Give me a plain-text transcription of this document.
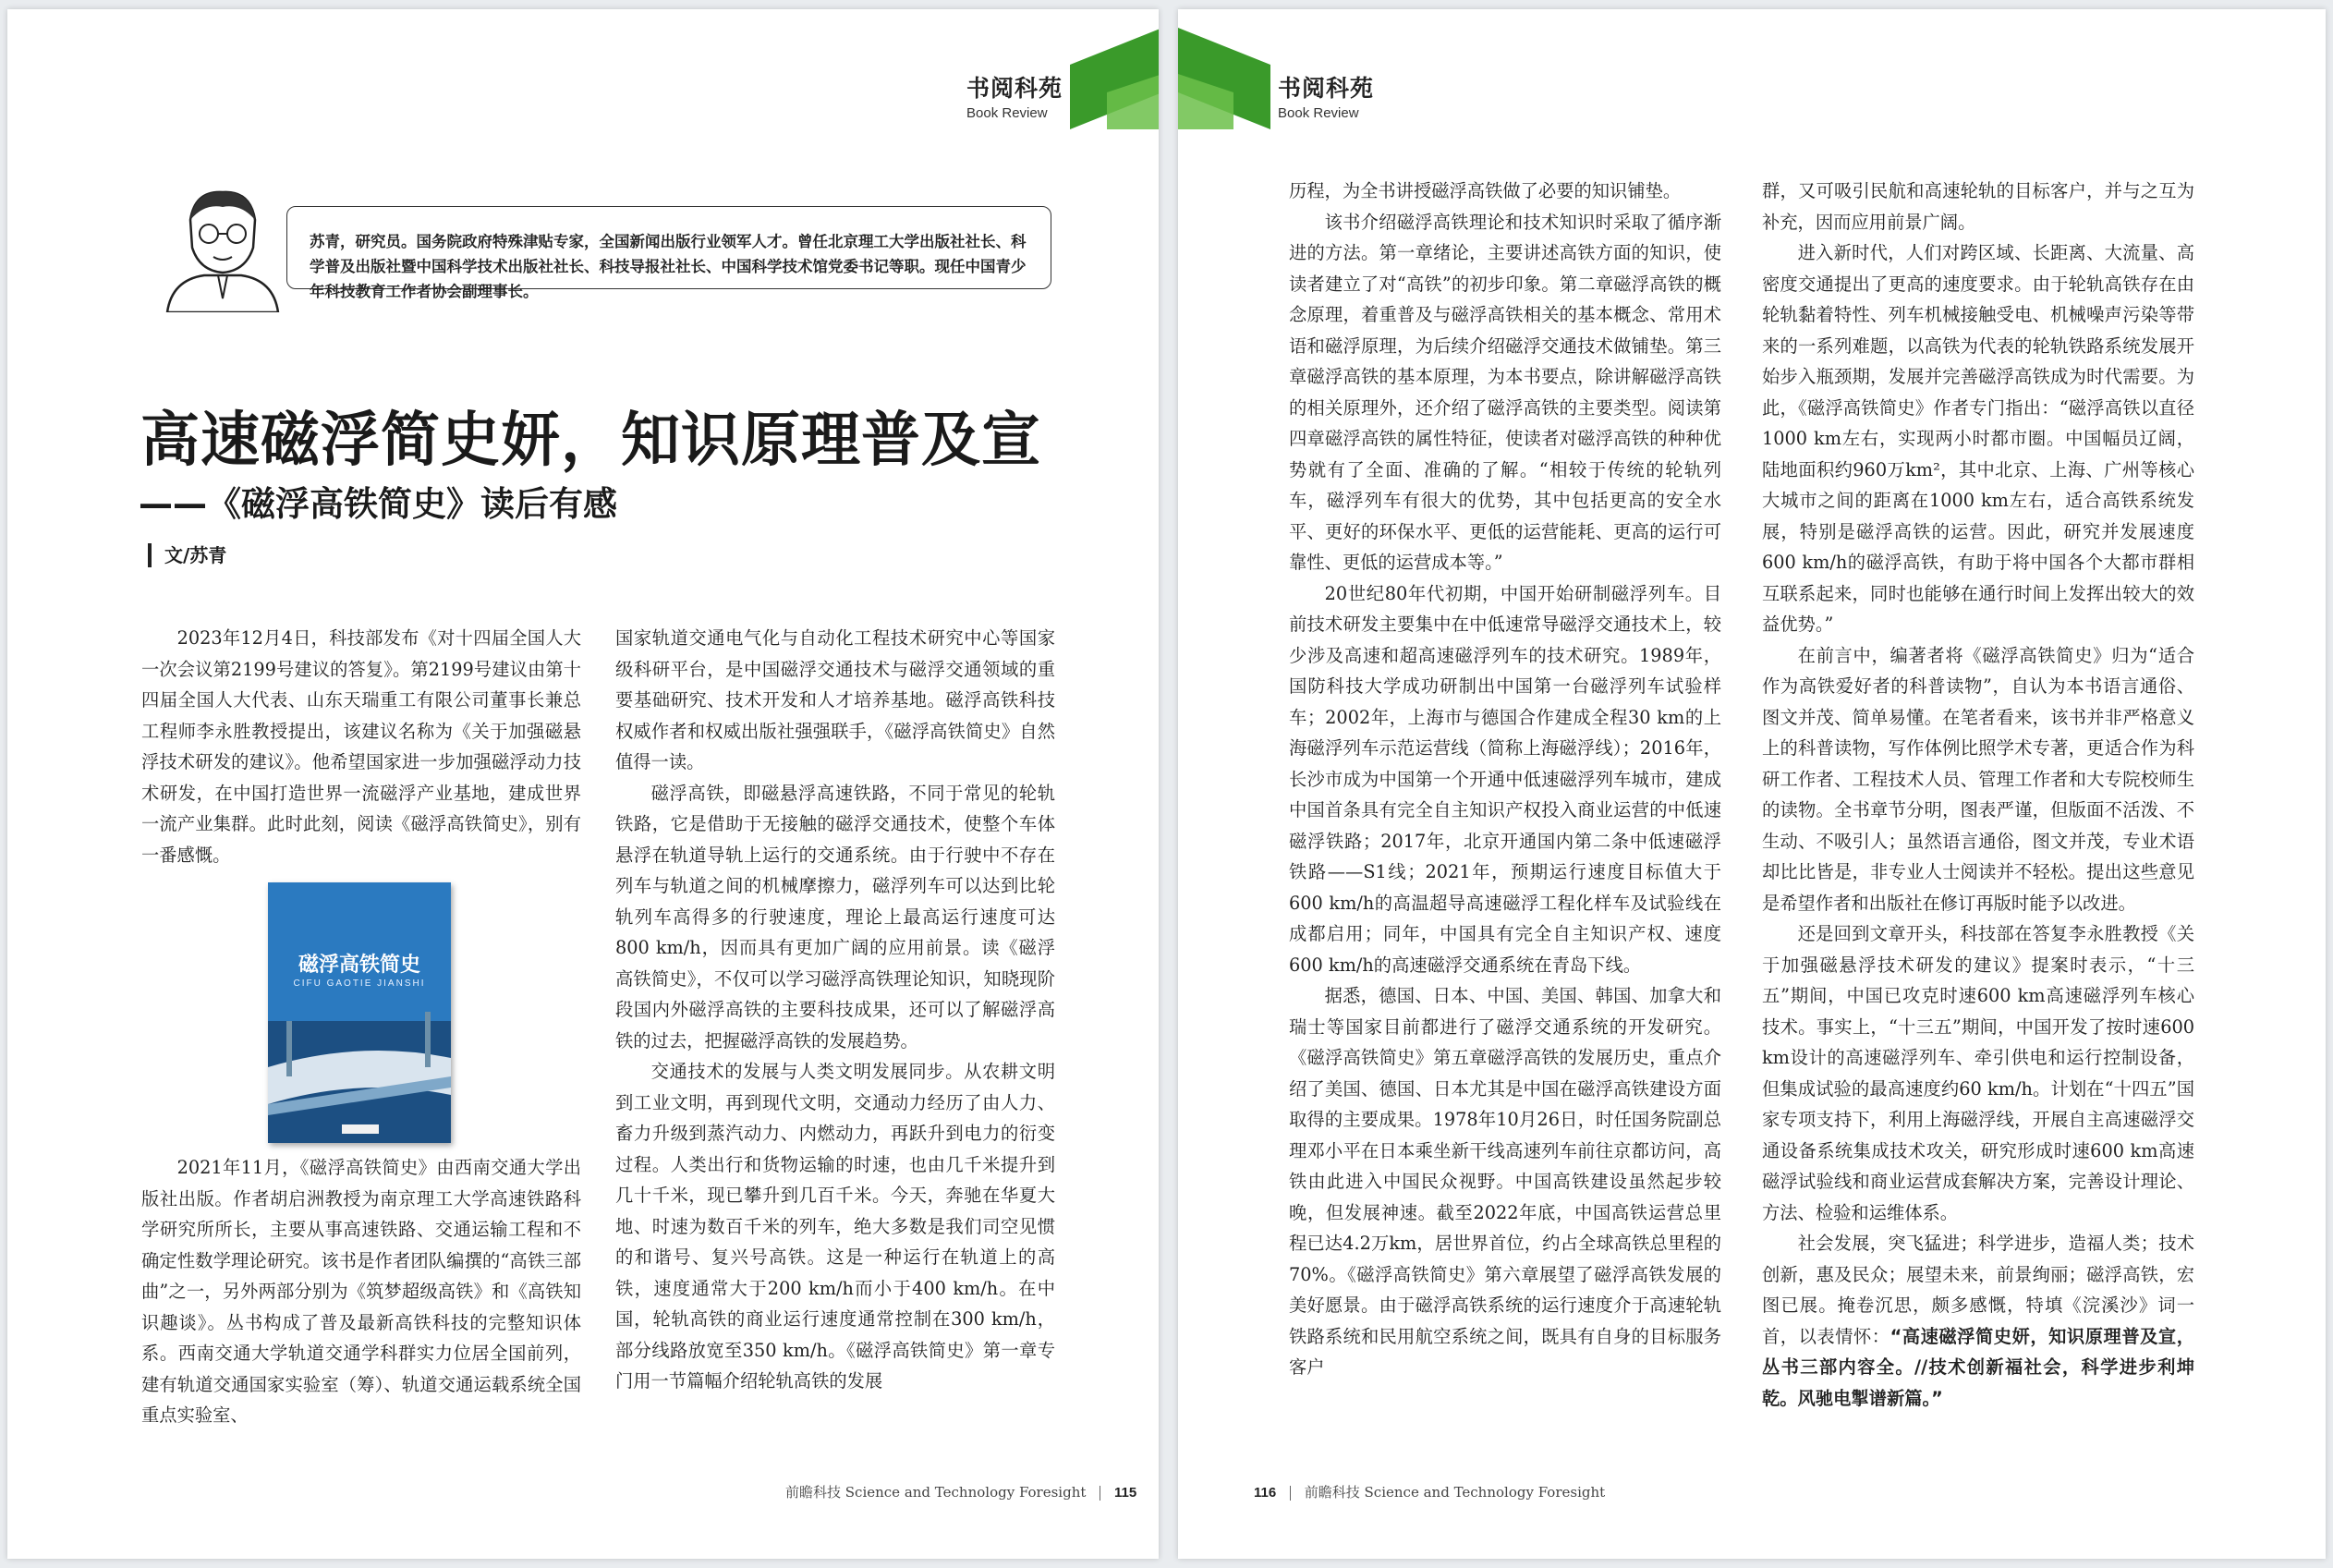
书阅科苑
Book Review
苏青，研究员。国务院政府特殊津贴专家，全国新闻出版行业领军人才。曾任北京理工大学出版社社长、科学普及出版社暨中国科学技术出版社社长、科技导报社社长、中国科学技术馆党委书记等职。现任中国青少年科技教育工作者协会副理事长。
高速磁浮简史妍，知识原理普及宣
——《磁浮高铁简史》读后有感
文/苏青

2023年12月4日，科技部发布《对十四届全国人大一次会议第2199号建议的答复》。第2199号建议由第十四届全国人大代表、山东天瑞重工有限公司董事长兼总工程师李永胜教授提出，该建议名称为《关于加强磁悬浮技术研发的建议》。他希望国家进一步加强磁浮动力技术研发，在中国打造世界一流磁浮产业基地，建成世界一流产业集群。此时此刻，阅读《磁浮高铁简史》，别有一番感慨。

磁浮高铁简史
CIFU GAOTIE JIANSHI

2021年11月，《磁浮高铁简史》由西南交通大学出版社出版。作者胡启洲教授为南京理工大学高速铁路科学研究所所长，主要从事高速铁路、交通运输工程和不确定性数学理论研究。该书是作者团队编撰的“高铁三部曲”之一，另外两部分别为《筑梦超级高铁》和《高铁知识趣谈》。丛书构成了普及最新高铁科技的完整知识体系。西南交通大学轨道交通学科群实力位居全国前列，建有轨道交通国家实验室（筹）、轨道交通运载系统全国重点实验室、

国家轨道交通电气化与自动化工程技术研究中心等国家级科研平台，是中国磁浮交通技术与磁浮交通领域的重要基础研究、技术开发和人才培养基地。磁浮高铁科技权威作者和权威出版社强强联手，《磁浮高铁简史》自然值得一读。

磁浮高铁，即磁悬浮高速铁路，不同于常见的轮轨铁路，它是借助于无接触的磁浮交通技术，使整个车体悬浮在轨道导轨上运行的交通系统。由于行驶中不存在列车与轨道之间的机械摩擦力，磁浮列车可以达到比轮轨列车高得多的行驶速度，理论上最高运行速度可达800 km/h，因而具有更加广阔的应用前景。读《磁浮高铁简史》，不仅可以学习磁浮高铁理论知识，知晓现阶段国内外磁浮高铁的主要科技成果，还可以了解磁浮高铁的过去，把握磁浮高铁的发展趋势。

交通技术的发展与人类文明发展同步。从农耕文明到工业文明，再到现代文明，交通动力经历了由人力、畜力升级到蒸汽动力、内燃动力，再跃升到电力的衍变过程。人类出行和货物运输的时速，也由几千米提升到几十千米，现已攀升到几百千米。今天，奔驰在华夏大地、时速为数百千米的列车，绝大多数是我们司空见惯的和谐号、复兴号高铁。这是一种运行在轨道上的高铁，速度通常大于200 km/h而小于400 km/h。在中国，轮轨高铁的商业运行速度通常控制在300 km/h，部分线路放宽至350 km/h。《磁浮高铁简史》第一章专门用一节篇幅介绍轮轨高铁的发展

前瞻科技 Science and Technology Foresight 115
书阅科苑
Book Review

历程，为全书讲授磁浮高铁做了必要的知识铺垫。

该书介绍磁浮高铁理论和技术知识时采取了循序渐进的方法。第一章绪论，主要讲述高铁方面的知识，使读者建立了对“高铁”的初步印象。第二章磁浮高铁的概念原理，着重普及与磁浮高铁相关的基本概念、常用术语和磁浮原理，为后续介绍磁浮交通技术做铺垫。第三章磁浮高铁的基本原理，为本书要点，除讲解磁浮高铁的相关原理外，还介绍了磁浮高铁的主要类型。阅读第四章磁浮高铁的属性特征，使读者对磁浮高铁的种种优势就有了全面、准确的了解。“相较于传统的轮轨列车，磁浮列车有很大的优势，其中包括更高的安全水平、更好的环保水平、更低的运营能耗、更高的运行可靠性、更低的运营成本等。”

20世纪80年代初期，中国开始研制磁浮列车。目前技术研发主要集中在中低速常导磁浮交通技术上，较少涉及高速和超高速磁浮列车的技术研究。1989年，国防科技大学成功研制出中国第一台磁浮列车试验样车；2002年，上海市与德国合作建成全程30 km的上海磁浮列车示范运营线（简称上海磁浮线）；2016年，长沙市成为中国第一个开通中低速磁浮列车城市，建成中国首条具有完全自主知识产权投入商业运营的中低速磁浮铁路；2017年，北京开通国内第二条中低速磁浮铁路——S1线；2021年，预期运行速度目标值大于600 km/h的高温超导高速磁浮工程化样车及试验线在成都启用；同年，中国具有完全自主知识产权、速度600 km/h的高速磁浮交通系统在青岛下线。

据悉，德国、日本、中国、美国、韩国、加拿大和瑞士等国家目前都进行了磁浮交通系统的开发研究。《磁浮高铁简史》第五章磁浮高铁的发展历史，重点介绍了美国、德国、日本尤其是中国在磁浮高铁建设方面取得的主要成果。1978年10月26日，时任国务院副总理邓小平在日本乘坐新干线高速列车前往京都访问，高铁由此进入中国民众视野。中国高铁建设虽然起步较晚，但发展神速。截至2022年底，中国高铁运营总里程已达4.2万km，居世界首位，约占全球高铁总里程的70%。《磁浮高铁简史》第六章展望了磁浮高铁发展的美好愿景。由于磁浮高铁系统的运行速度介于高速轮轨铁路系统和民用航空系统之间，既具有自身的目标服务客户

群，又可吸引民航和高速轮轨的目标客户，并与之互为补充，因而应用前景广阔。

进入新时代，人们对跨区域、长距离、大流量、高密度交通提出了更高的速度要求。由于轮轨高铁存在由轮轨黏着特性、列车机械接触受电、机械噪声污染等带来的一系列难题，以高铁为代表的轮轨铁路系统发展开始步入瓶颈期，发展并完善磁浮高铁成为时代需要。为此，《磁浮高铁简史》作者专门指出：“磁浮高铁以直径1000 km左右，实现两小时都市圈。中国幅员辽阔，陆地面积约960万km²，其中北京、上海、广州等核心大城市之间的距离在1000 km左右，适合高铁系统发展，特别是磁浮高铁的运营。因此，研究并发展速度600 km/h的磁浮高铁，有助于将中国各个大都市群相互联系起来，同时也能够在通行时间上发挥出较大的效益优势。”

在前言中，编著者将《磁浮高铁简史》归为“适合作为高铁爱好者的科普读物”，自认为本书语言通俗、图文并茂、简单易懂。在笔者看来，该书并非严格意义上的科普读物，写作体例比照学术专著，更适合作为科研工作者、工程技术人员、管理工作者和大专院校师生的读物。全书章节分明，图表严谨，但版面不活泼、不生动、不吸引人；虽然语言通俗，图文并茂，专业术语却比比皆是，非专业人士阅读并不轻松。提出这些意见是希望作者和出版社在修订再版时能予以改进。

还是回到文章开头，科技部在答复李永胜教授《关于加强磁悬浮技术研发的建议》提案时表示，“十三五”期间，中国已攻克时速600 km高速磁浮列车核心技术。事实上，“十三五”期间，中国开发了按时速600 km设计的高速磁浮列车、牵引供电和运行控制设备，但集成试验的最高速度约60 km/h。计划在“十四五”国家专项支持下，利用上海磁浮线，开展自主高速磁浮交通设备系统集成技术攻关，研究形成时速600 km高速磁浮试验线和商业运营成套解决方案，完善设计理论、方法、检验和运维体系。

社会发展，突飞猛进；科学进步，造福人类；技术创新，惠及民众；展望未来，前景绚丽；磁浮高铁，宏图已展。掩卷沉思，颇多感慨，特填《浣溪沙》词一首，以表情怀：“高速磁浮简史妍，知识原理普及宣，丛书三部内容全。//技术创新福社会，科学进步利坤乾。风驰电掣谱新篇。”

116 前瞻科技 Science and Technology Foresight
